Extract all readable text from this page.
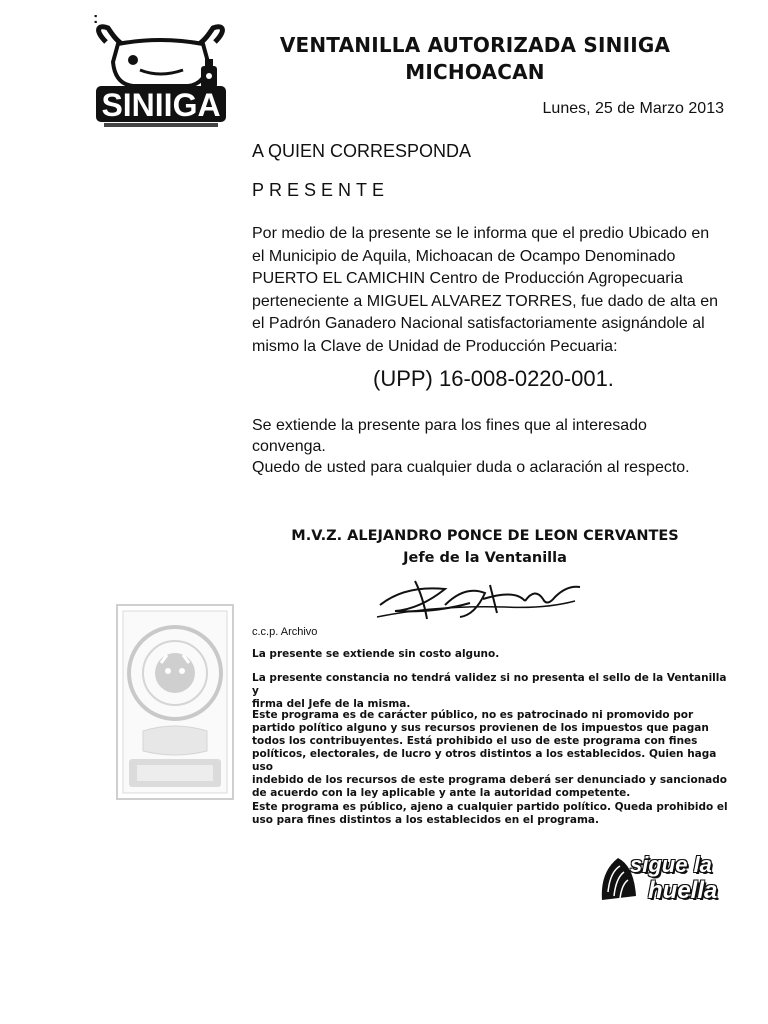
:
SINIIGA
VENTANILLA AUTORIZADA SINIIGA
MICHOACAN
Lunes, 25 de Marzo 2013
A QUIEN CORRESPONDA
PRESENTE
Por medio de la presente se le informa que el predio Ubicado en
el Municipio de Aquila, Michoacan de Ocampo Denominado
PUERTO EL CAMICHIN Centro de Producción Agropecuaria
perteneciente a MIGUEL ALVAREZ TORRES, fue dado de alta en
el Padrón Ganadero Nacional satisfactoriamente asignándole al
mismo la Clave de Unidad de Producción Pecuaria:
(UPP) 16-008-0220-001.
Se extiende la presente para los fines que al interesado
convenga.
Quedo de usted para cualquier duda o aclaración al respecto.
M.V.Z. ALEJANDRO PONCE DE LEON CERVANTES
Jefe de la Ventanilla
c.c.p. Archivo
La presente se extiende sin costo alguno.
La presente constancia no tendrá validez si no presenta el sello de la Ventanilla y
firma del Jefe de la misma.
Este programa es de carácter público, no es patrocinado ni promovido por
partido político alguno y sus recursos provienen de los impuestos que pagan
todos los contribuyentes. Está prohibido el uso de este programa con fines
políticos, electorales, de lucro y otros distintos a los establecidos. Quien haga uso
indebido de los recursos de este programa deberá ser denunciado y sancionado
de acuerdo con la ley aplicable y ante la autoridad competente.
Este programa es público, ajeno a cualquier partido político. Queda prohibido el
uso para fines distintos a los establecidos en el programa.
sigue la
huella
